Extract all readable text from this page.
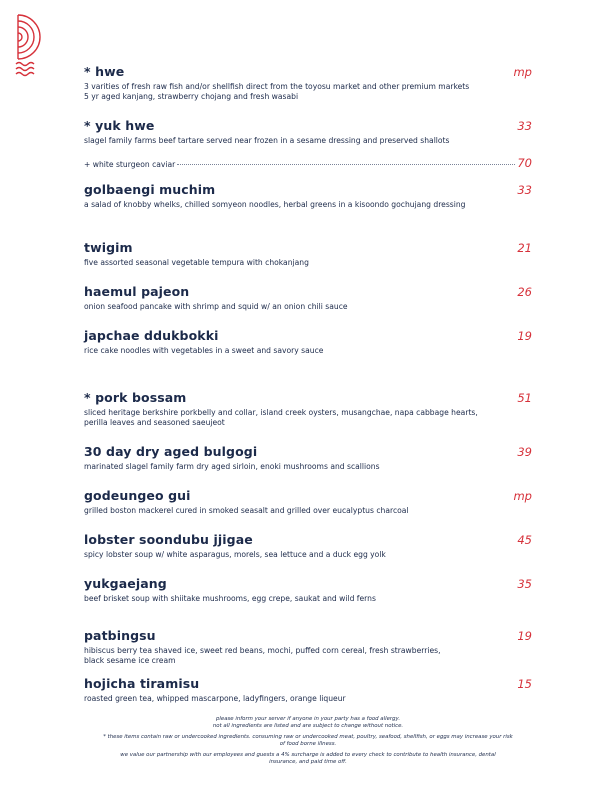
* hwe	mp
3 varities of fresh raw fish and/or shellfish direct from the toyosu market and other premium markets
5 yr aged kanjang, strawberry chojang and fresh wasabi
* yuk hwe	33
slagel family farms beef tartare served near frozen in a sesame dressing and preserved shallots
+ white sturgeon caviar	70
golbaengi muchim	33
a salad of knobby whelks, chilled somyeon noodles, herbal greens in a kisoondo gochujang dressing
twigim	21
five assorted seasonal vegetable tempura with chokanjang
haemul pajeon	26
onion seafood pancake with shrimp and squid w/ an onion chili sauce
japchae ddukbokki	19
rice cake noodles with vegetables in a sweet and savory sauce
* pork bossam	51
sliced heritage berkshire porkbelly and collar, island creek oysters, musangchae, napa cabbage hearts,
perilla leaves and seasoned saeujeot
30 day dry aged bulgogi	39
marinated slagel family farm dry aged sirloin, enoki mushrooms and scallions
godeungeo gui	mp
grilled boston mackerel cured in smoked seasalt and grilled over eucalyptus charcoal
lobster soondubu jjigae	45
spicy lobster soup w/ white asparagus, morels, sea lettuce and a duck egg yolk
yukgaejang	35
beef brisket soup with shiitake mushrooms, egg crepe, saukat and wild ferns
patbingsu	19
hibiscus berry tea shaved ice, sweet red beans, mochi, puffed corn cereal, fresh strawberries,
black sesame ice cream
hojicha tiramisu	15
roasted green tea, whipped mascarpone, ladyfingers, orange liqueur

please inform your server if anyone in your party has a food allergy.
not all ingredients are listed and are subject to change without notice.

* these items contain raw or undercooked ingredients. consuming raw or undercooked meat, poultry, seafood, shellfish, or eggs may increase your risk
of food borne illness.

we value our partnership with our employees and guests a 4% surcharge is added to every check to contribute to health insurance, dental
insurance, and paid time off.
